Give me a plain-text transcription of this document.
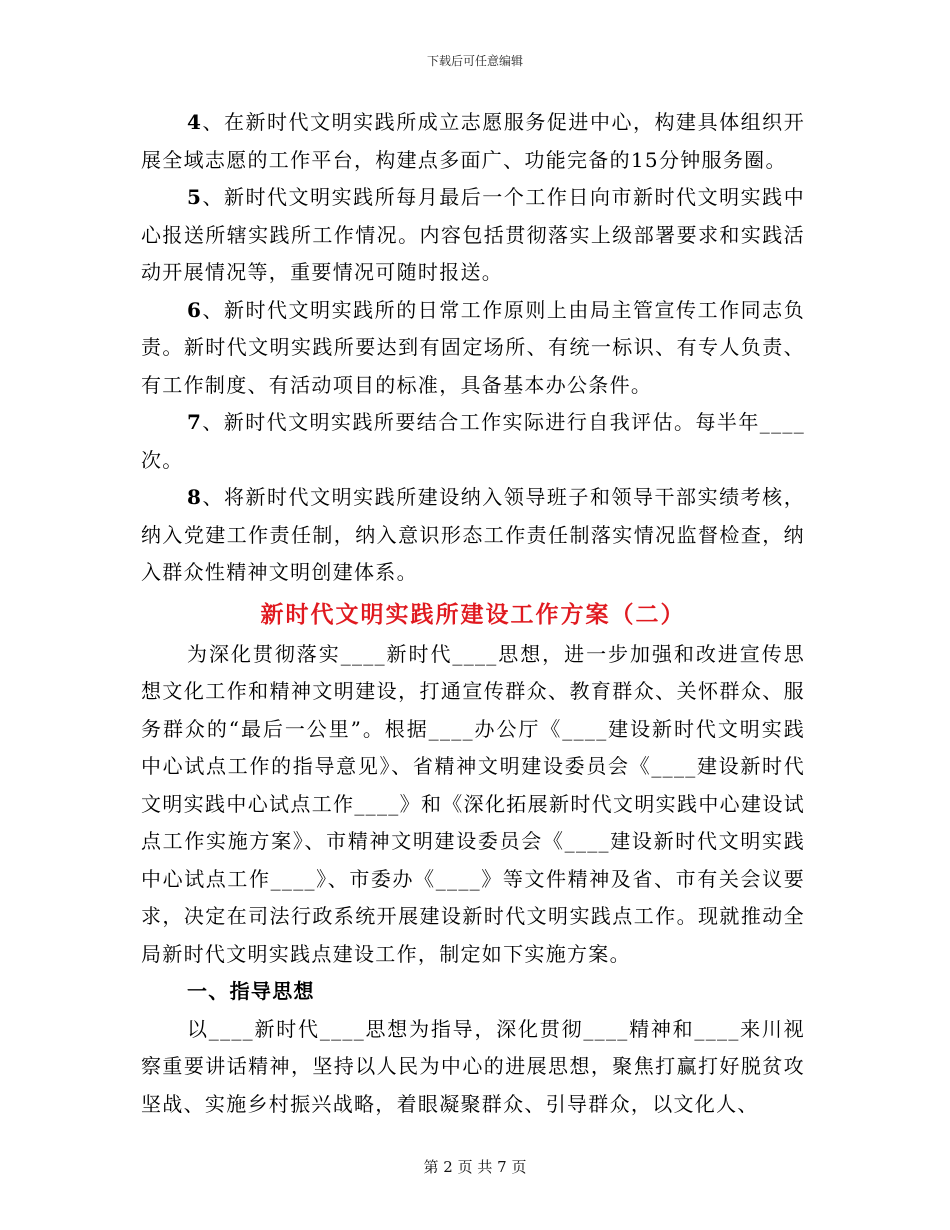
下载后可任意编辑

4、在新时代文明实践所成立志愿服务促进中心，构建具体组织开展全域志愿的工作平台，构建点多面广、功能完备的15分钟服务圈。

5、新时代文明实践所每月最后一个工作日向市新时代文明实践中心报送所辖实践所工作情况。内容包括贯彻落实上级部署要求和实践活动开展情况等，重要情况可随时报送。

6、新时代文明实践所的日常工作原则上由局主管宣传工作同志负责。新时代文明实践所要达到有固定场所、有统一标识、有专人负责、有工作制度、有活动项目的标准，具备基本办公条件。

7、新时代文明实践所要结合工作实际进行自我评估。每半年____次。

8、将新时代文明实践所建设纳入领导班子和领导干部实绩考核，纳入党建工作责任制，纳入意识形态工作责任制落实情况监督检查，纳入群众性精神文明创建体系。

新时代文明实践所建设工作方案（二）

为深化贯彻落实____新时代____思想，进一步加强和改进宣传思想文化工作和精神文明建设，打通宣传群众、教育群众、关怀群众、服务群众的“最后一公里”。根据____办公厅《____建设新时代文明实践中心试点工作的指导意见》、省精神文明建设委员会《____建设新时代文明实践中心试点工作____》和《深化拓展新时代文明实践中心建设试点工作实施方案》、市精神文明建设委员会《____建设新时代文明实践中心试点工作____》、市委办《____》等文件精神及省、市有关会议要求，决定在司法行政系统开展建设新时代文明实践点工作。现就推动全局新时代文明实践点建设工作，制定如下实施方案。

一、指导思想

以____新时代____思想为指导，深化贯彻____精神和____来川视察重要讲话精神，坚持以人民为中心的进展思想，聚焦打赢打好脱贫攻坚战、实施乡村振兴战略，着眼凝聚群众、引导群众，以文化人、

第 2 页 共 7 页
